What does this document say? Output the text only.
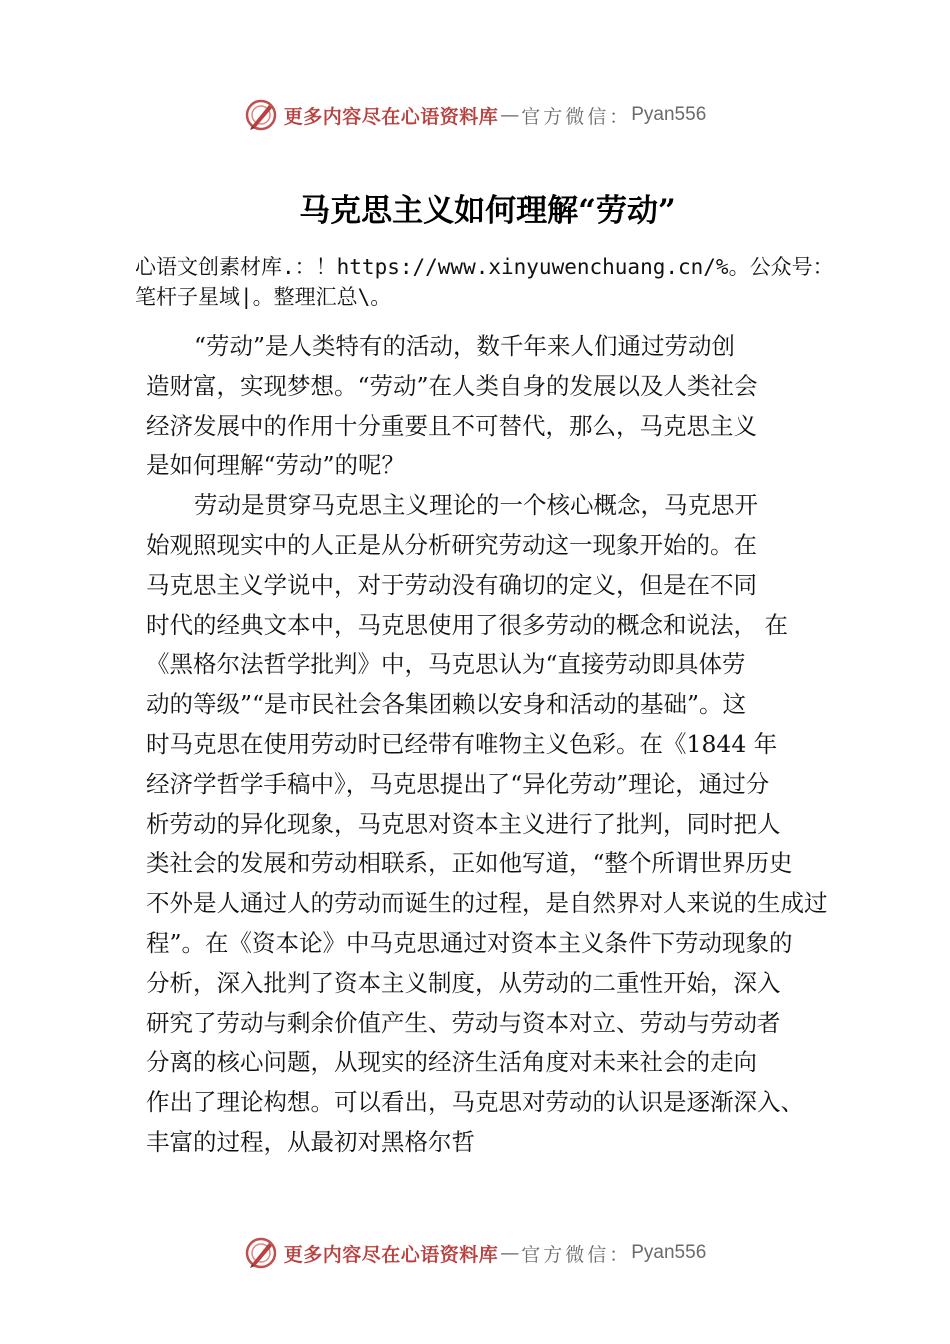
更多内容尽在心语资料库 — 官方微信： Pyan556
马克思主义如何理解“劳动”
心语文创素材库.：！https://www.xinyuwenchuang.cn/%。公众号：笔杆子星域|。整理汇总\。
“劳动”是人类特有的活动，数千年来人们通过劳动创
造财富，实现梦想。“劳动”在人类自身的发展以及人类社会
经济发展中的作用十分重要且不可替代，那么，马克思主义
是如何理解“劳动”的呢？
劳动是贯穿马克思主义理论的一个核心概念，马克思开
始观照现实中的人正是从分析研究劳动这一现象开始的。在
马克思主义学说中，对于劳动没有确切的定义，但是在不同
时代的经典文本中，马克思使用了很多劳动的概念和说法， 在
《黑格尔法哲学批判》中，马克思认为“直接劳动即具体劳
动的等级”“是市民社会各集团赖以安身和活动的基础”。这
时马克思在使用劳动时已经带有唯物主义色彩。在《1844 年
经济学哲学手稿中》，马克思提出了“异化劳动”理论，通过分
析劳动的异化现象，马克思对资本主义进行了批判，同时把人
类社会的发展和劳动相联系，正如他写道，“整个所谓世界历史
不外是人通过人的劳动而诞生的过程，是自然界对人来说的生成过
程”。在《资本论》中马克思通过对资本主义条件下劳动现象的
分析，深入批判了资本主义制度，从劳动的二重性开始，深入
研究了劳动与剩余价值产生、劳动与资本对立、劳动与劳动者
分离的核心问题，从现实的经济生活角度对未来社会的走向
作出了理论构想。可以看出，马克思对劳动的认识是逐渐深入、
丰富的过程，从最初对黑格尔哲
更多内容尽在心语资料库 — 官方微信： Pyan556
